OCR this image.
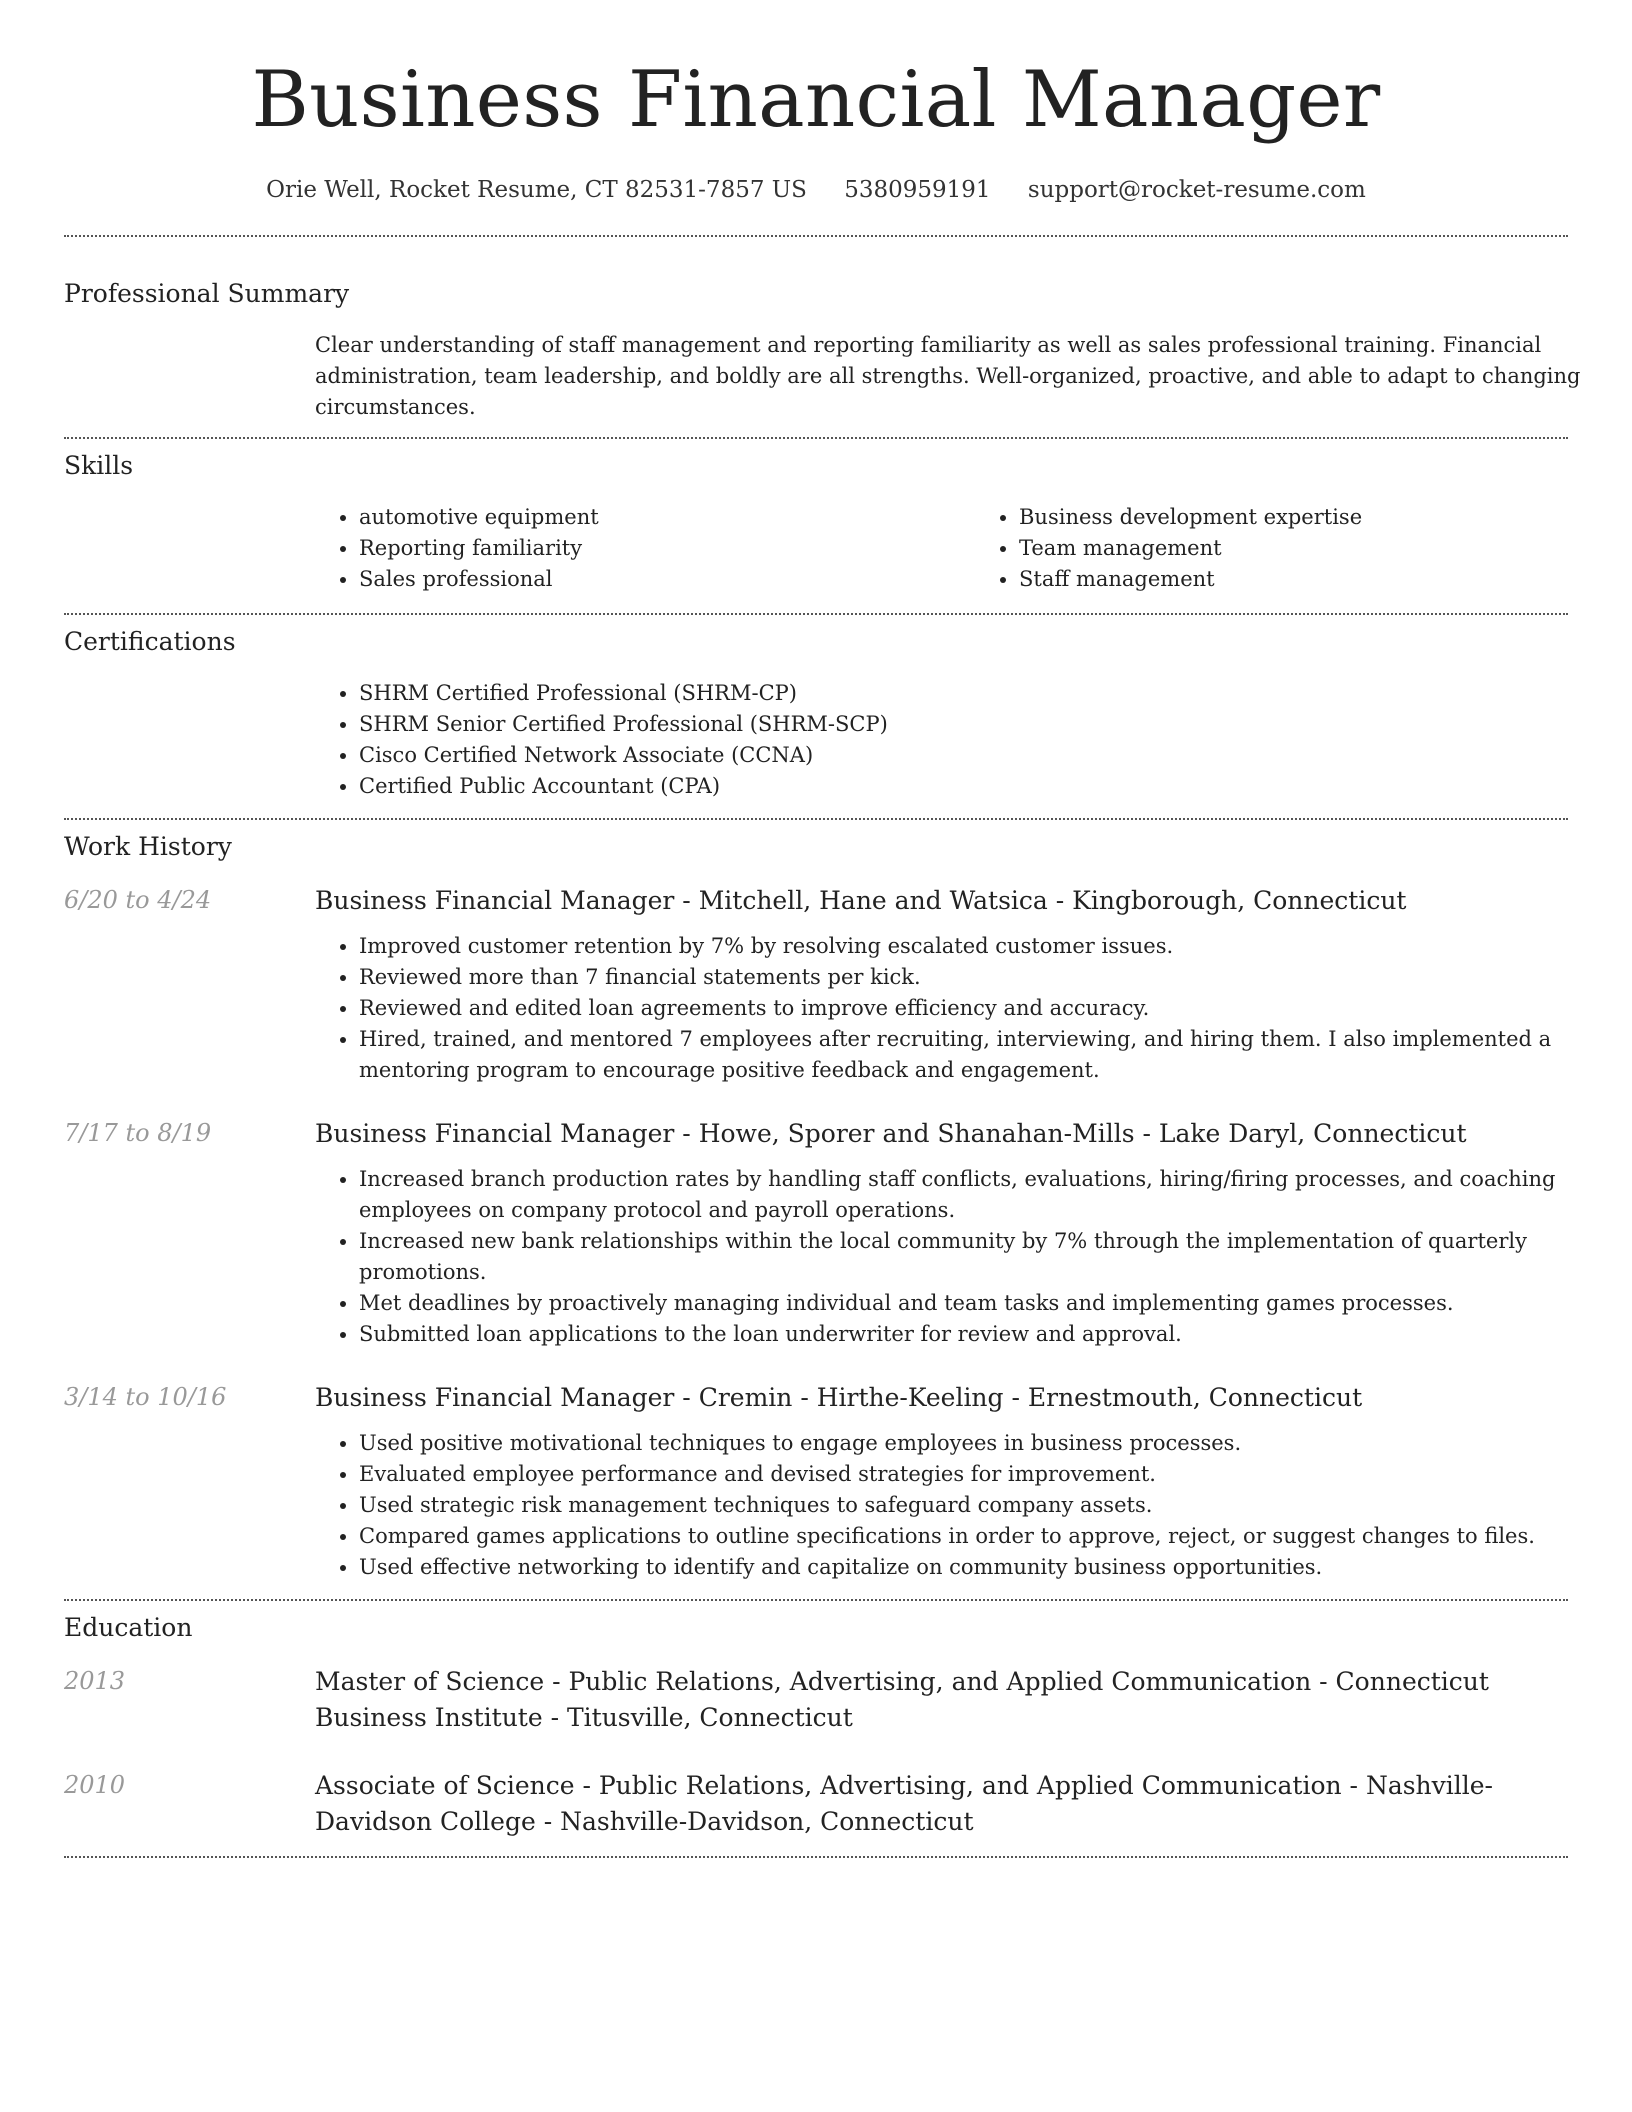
Business Financial Manager
Orie Well, Rocket Resume, CT 82531-7857 US 5380959191 support@rocket-resume.com
Professional Summary

Clear understanding of staff management and reporting familiarity as well as sales professional training. Financial administration, team leadership, and boldly are all strengths. Well-organized, proactive, and able to adapt to changing circumstances.

Skills
• automotive equipment
• Reporting familiarity
• Sales professional
• Business development expertise
• Team management
• Staff management
Certifications
• SHRM Certified Professional (SHRM-CP)
• SHRM Senior Certified Professional (SHRM-SCP)
• Cisco Certified Network Associate (CCNA)
• Certified Public Accountant (CPA)
Work History
6/20 to 4/24	Business Financial Manager - Mitchell, Hane and Watsica - Kingborough, Connecticut

• Improved customer retention by 7% by resolving escalated customer issues.
• Reviewed more than 7 financial statements per kick.
• Reviewed and edited loan agreements to improve efficiency and accuracy.
• Hired, trained, and mentored 7 employees after recruiting, interviewing, and hiring them. I also implemented a mentoring program to encourage positive feedback and engagement.
7/17 to 8/19	Business Financial Manager - Howe, Sporer and Shanahan-Mills - Lake Daryl, Connecticut

• Increased branch production rates by handling staff conflicts, evaluations, hiring/firing processes, and coaching employees on company protocol and payroll operations.
• Increased new bank relationships within the local community by 7% through the implementation of quarterly promotions.
• Met deadlines by proactively managing individual and team tasks and implementing games processes.
• Submitted loan applications to the loan underwriter for review and approval.
3/14 to 10/16	Business Financial Manager - Cremin - Hirthe-Keeling - Ernestmouth, Connecticut

• Used positive motivational techniques to engage employees in business processes.
• Evaluated employee performance and devised strategies for improvement.
• Used strategic risk management techniques to safeguard company assets.
• Compared games applications to outline specifications in order to approve, reject, or suggest changes to files.
• Used effective networking to identify and capitalize on community business opportunities.
Education
2013	Master of Science - Public Relations, Advertising, and Applied Communication - Connecticut Business Institute - Titusville, Connecticut
2010	Associate of Science - Public Relations, Advertising, and Applied Communication - Nashville-Davidson College - Nashville-Davidson, Connecticut
